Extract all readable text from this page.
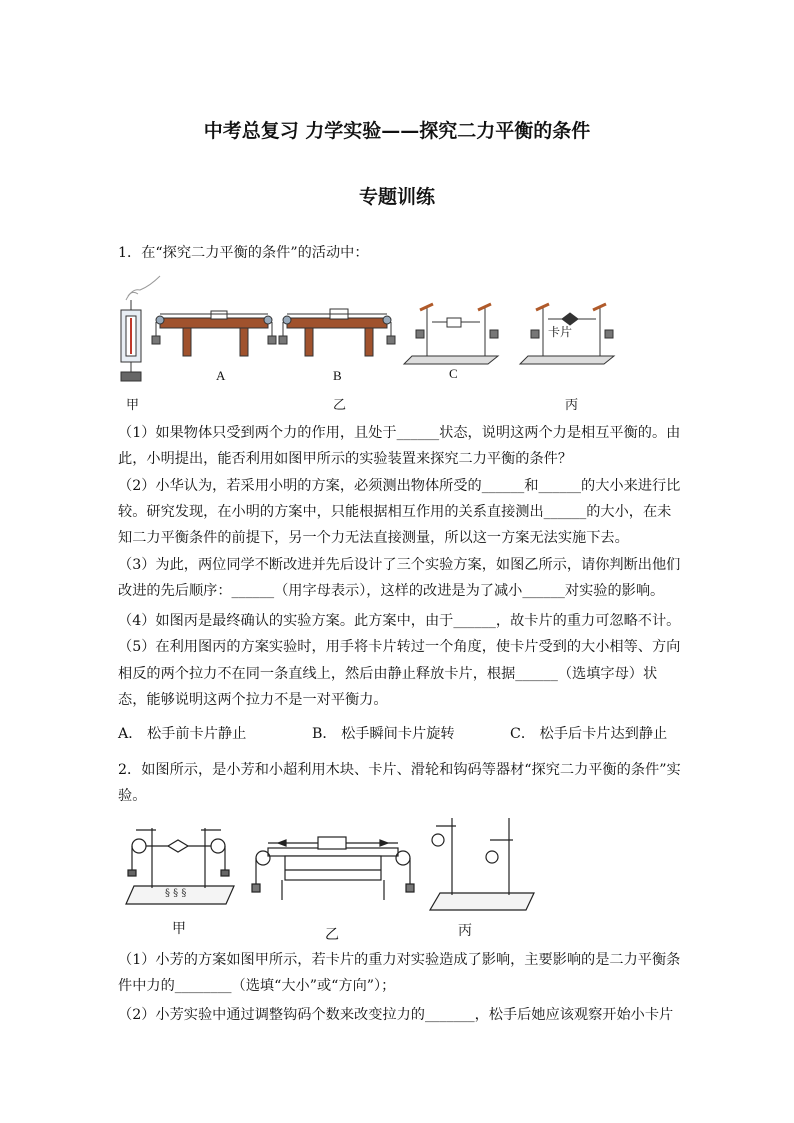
中考总复习 力学实验——探究二力平衡的条件
专题训练
1．在“探究二力平衡的条件”的活动中：
A	B	C
卡片
甲	乙	丙
（1）如果物体只受到两个力的作用，且处于______状态，说明这两个力是相互平衡的。由
此，小明提出，能否利用如图甲所示的实验装置来探究二力平衡的条件？
（2）小华认为，若采用小明的方案，必须测出物体所受的______和______的大小来进行比
较。研究发现，在小明的方案中，只能根据相互作用的关系直接测出______的大小，在未
知二力平衡条件的前提下，另一个力无法直接测量，所以这一方案无法实施下去。
（3）为此，两位同学不断改进并先后设计了三个实验方案，如图乙所示，请你判断出他们
改进的先后顺序：______（用字母表示），这样的改进是为了减小______对实验的影响。
（4）如图丙是最终确认的实验方案。此方案中，由于______，故卡片的重力可忽略不计。
（5）在利用图丙的方案实验时，用手将卡片转过一个角度，使卡片受到的大小相等、方向
相反的两个拉力不在同一条直线上，然后由静止释放卡片，根据______（选填字母）状
态，能够说明这两个拉力不是一对平衡力。
A． 松手前卡片静止	B． 松手瞬间卡片旋转	C． 松手后卡片达到静止
2．如图所示，是小芳和小超利用木块、卡片、滑轮和钩码等器材“探究二力平衡的条件”实
验。
§ § §
甲	乙	丙
（1）小芳的方案如图甲所示，若卡片的重力对实验造成了影响，主要影响的是二力平衡条
件中力的________（选填“大小”或“方向”）；
（2）小芳实验中通过调整钩码个数来改变拉力的_______，松手后她应该观察开始小卡片
